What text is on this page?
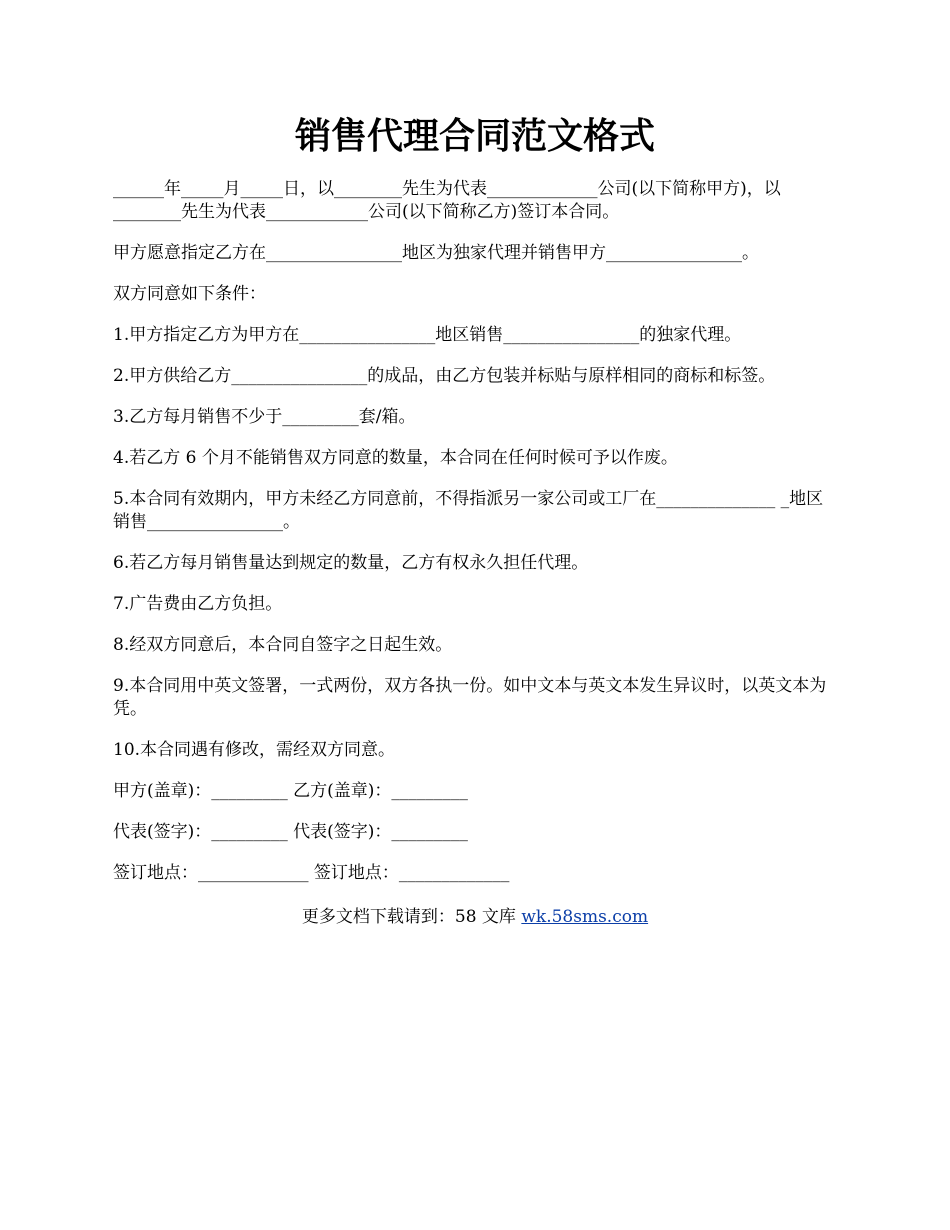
销售代理合同范文格式

______年_____月_____日，以________先生为代表_____________公司(以下简称甲方)，以________先生为代表____________公司(以下简称乙方)签订本合同。

甲方愿意指定乙方在________________地区为独家代理并销售甲方________________。

双方同意如下条件：

1.甲方指定乙方为甲方在________________地区销售________________的独家代理。

2.甲方供给乙方________________的成品，由乙方包装并标贴与原样相同的商标和标签。

3.乙方每月销售不少于_________套/箱。

4.若乙方 6 个月不能销售双方同意的数量，本合同在任何时候可予以作废。

5.本合同有效期内，甲方未经乙方同意前，不得指派另一家公司或工厂在______________ _地区销售________________。

6.若乙方每月销售量达到规定的数量，乙方有权永久担任代理。

7.广告费由乙方负担。

8.经双方同意后，本合同自签字之日起生效。

9.本合同用中英文签署，一式两份，双方各执一份。如中文本与英文本发生异议时，以英文本为凭。

10.本合同遇有修改，需经双方同意。

甲方(盖章)：_________ 乙方(盖章)：_________

代表(签字)：_________ 代表(签字)：_________

签订地点：_____________ 签订地点：_____________

更多文档下载请到：58 文库 wk.58sms.com
